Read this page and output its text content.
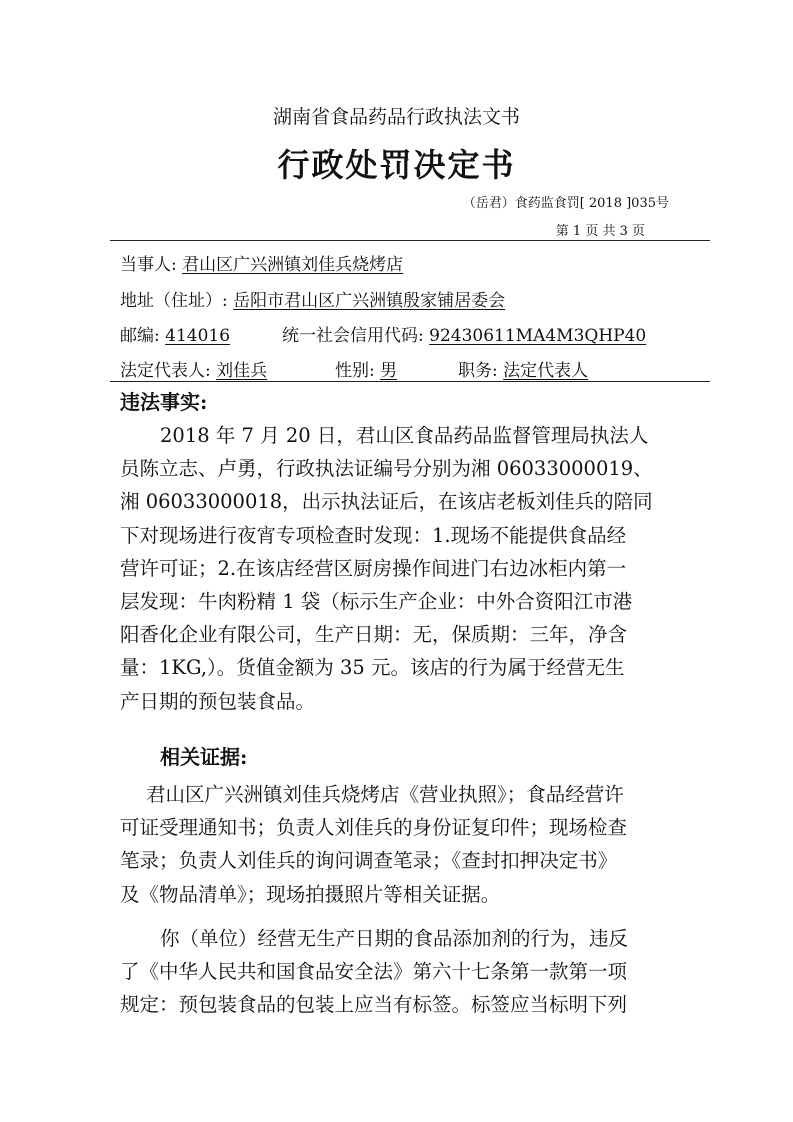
湖南省食品药品行政执法文书
行政处罚决定书
（岳君）食药监食罚[ 2018 ]035号
第 1 页 共 3 页
当事人: 君山区广兴洲镇刘佳兵烧烤店
地址（住址）: 岳阳市君山区广兴洲镇殷家铺居委会
邮编: 414016	统一社会信用代码: 92430611MA4M3QHP40
法定代表人: 刘佳兵	性别: 男	职务: 法定代表人
违法事实:
2018 年 7 月 20 日，君山区食品药品监督管理局执法人
员陈立志、卢勇，行政执法证编号分别为湘 06033000019、
湘 06033000018，出示执法证后，在该店老板刘佳兵的陪同
下对现场进行夜宵专项检查时发现：1.现场不能提供食品经
营许可证；2.在该店经营区厨房操作间进门右边冰柜内第一
层发现：牛肉粉精 1 袋（标示生产企业：中外合资阳江市港
阳香化企业有限公司，生产日期：无，保质期：三年，净含
量：1KG,）。货值金额为 35 元。该店的行为属于经营无生
产日期的预包装食品。
相关证据:
君山区广兴洲镇刘佳兵烧烤店《营业执照》；食品经营许
可证受理通知书；负责人刘佳兵的身份证复印件；现场检查
笔录；负责人刘佳兵的询问调查笔录；《查封扣押决定书》
及《物品清单》；现场拍摄照片等相关证据。
你（单位）经营无生产日期的食品添加剂的行为，违反
了《中华人民共和国食品安全法》第六十七条第一款第一项
规定：预包装食品的包装上应当有标签。标签应当标明下列
